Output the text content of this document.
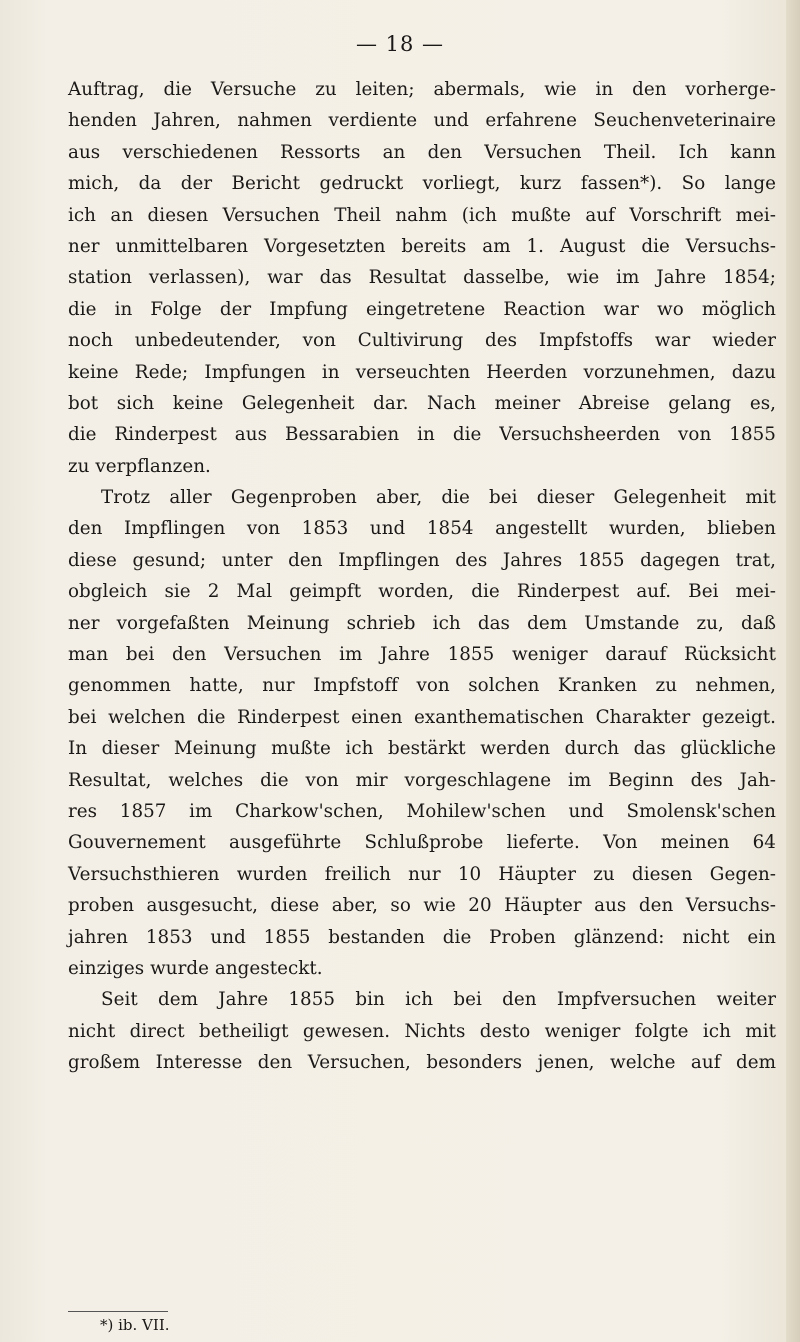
— 18 —
Auftrag, die Versuche zu leiten; abermals, wie in den vorherge-
henden Jahren, nahmen verdiente und erfahrene Seuchenveterinaire
aus verschiedenen Ressorts an den Versuchen Theil. Ich kann
mich, da der Bericht gedruckt vorliegt, kurz fassen*). So lange
ich an diesen Versuchen Theil nahm (ich mußte auf Vorschrift mei-
ner unmittelbaren Vorgesetzten bereits am 1. August die Versuchs-
station verlassen), war das Resultat dasselbe, wie im Jahre 1854;
die in Folge der Impfung eingetretene Reaction war wo möglich
noch unbedeutender, von Cultivirung des Impfstoffs war wieder
keine Rede; Impfungen in verseuchten Heerden vorzunehmen, dazu
bot sich keine Gelegenheit dar. Nach meiner Abreise gelang es,
die Rinderpest aus Bessarabien in die Versuchsheerden von 1855
zu verpflanzen.
Trotz aller Gegenproben aber, die bei dieser Gelegenheit mit
den Impflingen von 1853 und 1854 angestellt wurden, blieben
diese gesund; unter den Impflingen des Jahres 1855 dagegen trat,
obgleich sie 2 Mal geimpft worden, die Rinderpest auf. Bei mei-
ner vorgefaßten Meinung schrieb ich das dem Umstande zu, daß
man bei den Versuchen im Jahre 1855 weniger darauf Rücksicht
genommen hatte, nur Impfstoff von solchen Kranken zu nehmen,
bei welchen die Rinderpest einen exanthematischen Charakter gezeigt.
In dieser Meinung mußte ich bestärkt werden durch das glückliche
Resultat, welches die von mir vorgeschlagene im Beginn des Jah-
res 1857 im Charkow'schen, Mohilew'schen und Smolensk'schen
Gouvernement ausgeführte Schlußprobe lieferte. Von meinen 64
Versuchsthieren wurden freilich nur 10 Häupter zu diesen Gegen-
proben ausgesucht, diese aber, so wie 20 Häupter aus den Versuchs-
jahren 1853 und 1855 bestanden die Proben glänzend: nicht ein
einziges wurde angesteckt.
Seit dem Jahre 1855 bin ich bei den Impfversuchen weiter
nicht direct betheiligt gewesen. Nichts desto weniger folgte ich mit
großem Interesse den Versuchen, besonders jenen, welche auf dem
*) ib. VII.
